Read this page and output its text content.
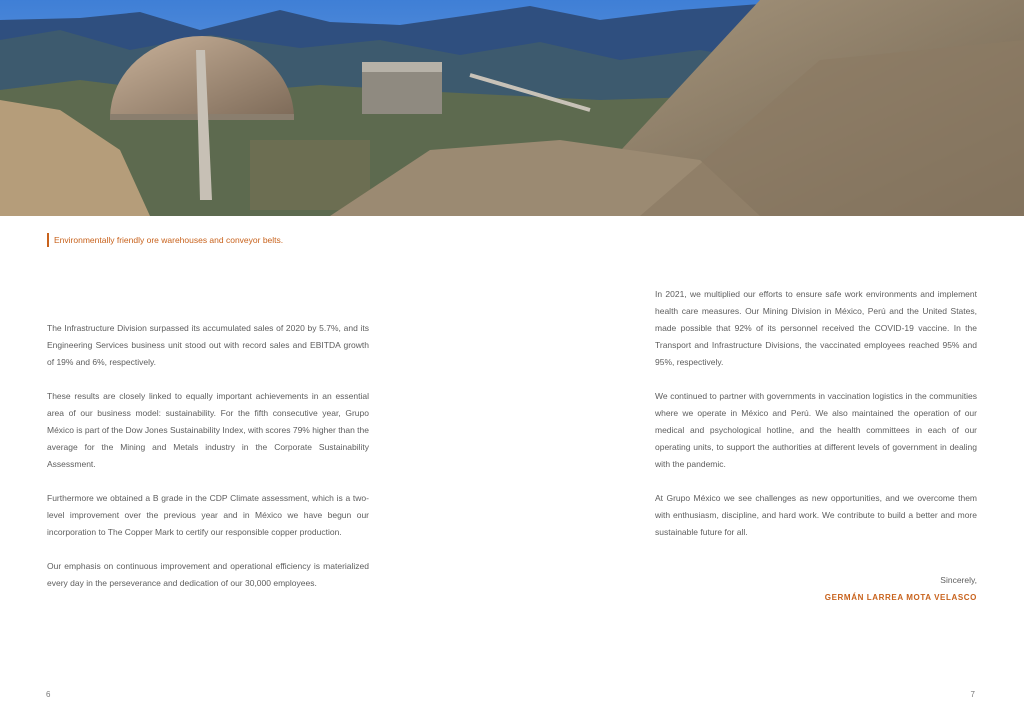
Environmentally friendly ore warehouses and conveyor belts.

The Infrastructure Division surpassed its accumulated sales of 2020 by 5.7%, and its Engineering Services business unit stood out with record sales and EBITDA growth of 19% and 6%, respectively.

These results are closely linked to equally important achievements in an essential area of our business model: sustainability. For the fifth consecutive year, Grupo México is part of the Dow Jones Sustainability Index, with scores 79% higher than the average for the Mining and Metals industry in the Corporate Sustainability Assessment.

Furthermore we obtained a B grade in the CDP Climate assessment, which is a two-level improvement over the previous year and in México we have begun our incorporation to The Copper Mark to certify our responsible copper production.

Our emphasis on continuous improvement and operational efficiency is materialized every day in the perseverance and dedication of our 30,000 employees.

In 2021, we multiplied our efforts to ensure safe work environments and implement health care measures. Our Mining Division in México, Perú and the United States, made possible that 92% of its personnel received the COVID-19 vaccine. In the Transport and Infrastructure Divisions, the vaccinated employees reached 95% and 95%, respectively.

We continued to partner with governments in vaccination logistics in the communities where we operate in México and Perú. We also maintained the operation of our medical and psychological hotline, and the health committees in each of our operating units, to support the authorities at different levels of government in dealing with the pandemic.

At Grupo México we see challenges as new opportunities, and we overcome them with enthusiasm, discipline, and hard work. We contribute to build a better and more sustainable future for all.

Sincerely,
GERMÁN LARREA MOTA VELASCO
6	7
